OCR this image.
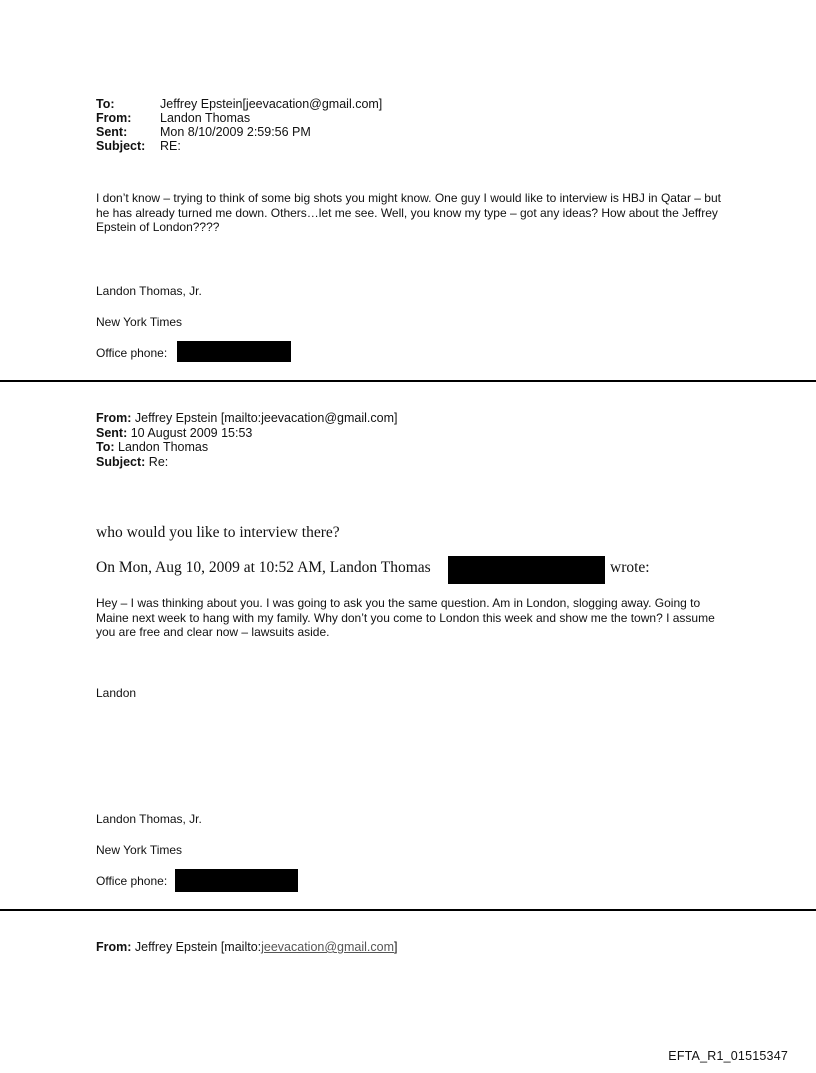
To:	Jeffrey Epstein[jeevacation@gmail.com]
From:	Landon Thomas
Sent:	Mon 8/10/2009 2:59:56 PM
Subject:	RE:
I don’t know – trying to think of some big shots you might know. One guy I would like to interview is HBJ in Qatar – but he has already turned me down. Others…let me see. Well, you know my type – got any ideas? How about the Jeffrey Epstein of London????
Landon Thomas, Jr.
New York Times
Office phone:
From: Jeffrey Epstein [mailto:jeevacation@gmail.com]
Sent: 10 August 2009 15:53
To: Landon Thomas
Subject: Re:
who would you like to interview there?
On Mon, Aug 10, 2009 at 10:52 AM, Landon Thomas	wrote:
Hey – I was thinking about you. I was going to ask you the same question. Am in London, slogging away. Going to Maine next week to hang with my family. Why don’t you come to London this week and show me the town? I assume you are free and clear now – lawsuits aside.
Landon
Landon Thomas, Jr.
New York Times
Office phone:
From: Jeffrey Epstein [mailto:jeevacation@gmail.com]
EFTA_R1_01515347
